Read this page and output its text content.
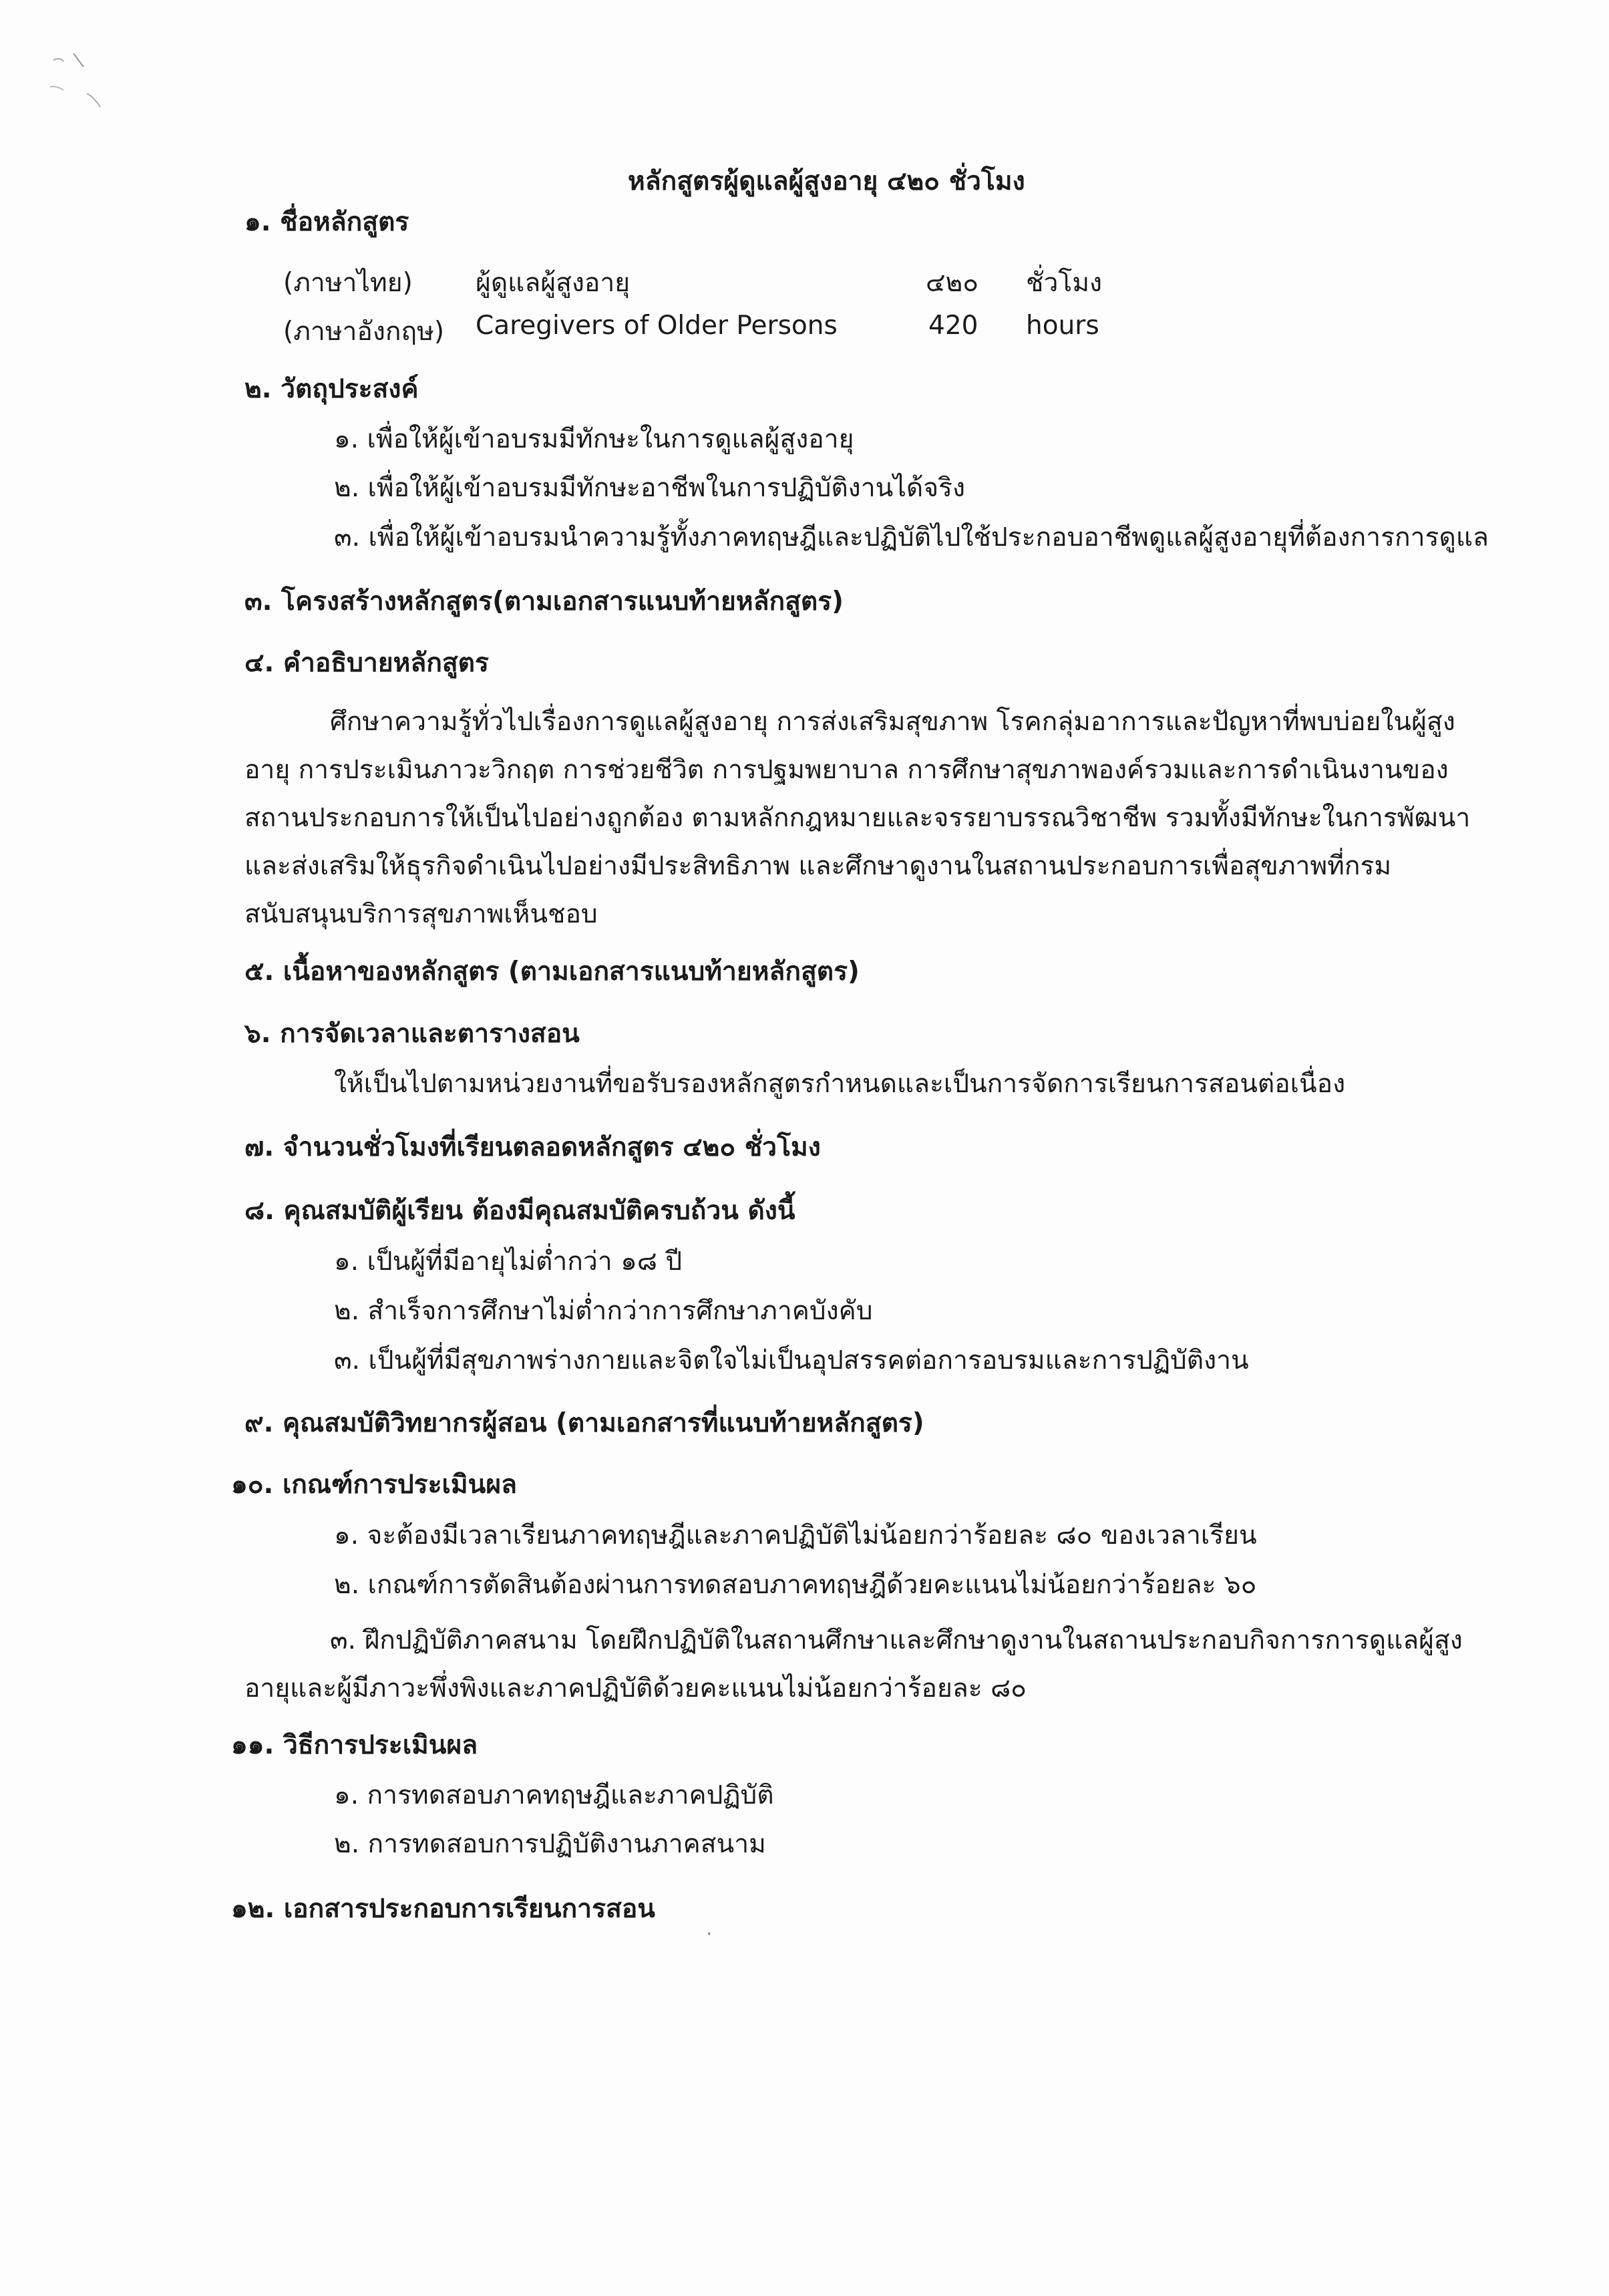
หลักสูตรผู้ดูแลผู้สูงอายุ ๔๒๐ ชั่วโมง
๑. ชื่อหลักสูตร
(ภาษาไทย) ผู้ดูแลผู้สูงอายุ	๔๒๐ ชั่วโมง
(ภาษาอังกฤษ) Caregivers of Older Persons	420 hours
๒. วัตถุประสงค์
๑. เพื่อให้ผู้เข้าอบรมมีทักษะในการดูแลผู้สูงอายุ
๒. เพื่อให้ผู้เข้าอบรมมีทักษะอาชีพในการปฏิบัติงานได้จริง
๓. เพื่อให้ผู้เข้าอบรมนำความรู้ทั้งภาคทฤษฎีและปฏิบัติไปใช้ประกอบอาชีพดูแลผู้สูงอายุที่ต้องการการดูแล
๓. โครงสร้างหลักสูตร(ตามเอกสารแนบท้ายหลักสูตร)
๔. คำอธิบายหลักสูตร

ศึกษาความรู้ทั่วไปเรื่องการดูแลผู้สูงอายุ การส่งเสริมสุขภาพ โรคกลุ่มอาการและปัญหาที่พบบ่อยในผู้สูงอายุ การประเมินภาวะวิกฤต การช่วยชีวิต การปฐมพยาบาล การศึกษาสุขภาพองค์รวมและการดำเนินงานของสถานประกอบการให้เป็นไปอย่างถูกต้อง ตามหลักกฎหมายและจรรยาบรรณวิชาชีพ รวมทั้งมีทักษะในการพัฒนาและส่งเสริมให้ธุรกิจดำเนินไปอย่างมีประสิทธิภาพ และศึกษาดูงานในสถานประกอบการเพื่อสุขภาพที่กรมสนับสนุนบริการสุขภาพเห็นชอบ

๕. เนื้อหาของหลักสูตร (ตามเอกสารแนบท้ายหลักสูตร)
๖. การจัดเวลาและตารางสอน
ให้เป็นไปตามหน่วยงานที่ขอรับรองหลักสูตรกำหนดและเป็นการจัดการเรียนการสอนต่อเนื่อง
๗. จำนวนชั่วโมงที่เรียนตลอดหลักสูตร ๔๒๐ ชั่วโมง
๘. คุณสมบัติผู้เรียน ต้องมีคุณสมบัติครบถ้วน ดังนี้
๑. เป็นผู้ที่มีอายุไม่ต่ำกว่า ๑๘ ปี
๒. สำเร็จการศึกษาไม่ต่ำกว่าการศึกษาภาคบังคับ
๓. เป็นผู้ที่มีสุขภาพร่างกายและจิตใจไม่เป็นอุปสรรคต่อการอบรมและการปฏิบัติงาน
๙. คุณสมบัติวิทยากรผู้สอน (ตามเอกสารที่แนบท้ายหลักสูตร)
๑๐. เกณฑ์การประเมินผล
๑. จะต้องมีเวลาเรียนภาคทฤษฎีและภาคปฏิบัติไม่น้อยกว่าร้อยละ ๘๐ ของเวลาเรียน
๒. เกณฑ์การตัดสินต้องผ่านการทดสอบภาคทฤษฎีด้วยคะแนนไม่น้อยกว่าร้อยละ ๖๐

๓. ฝึกปฏิบัติภาคสนาม โดยฝึกปฏิบัติในสถานศึกษาและศึกษาดูงานในสถานประกอบกิจการการดูแลผู้สูงอายุและผู้มีภาวะพึ่งพิงและภาคปฏิบัติด้วยคะแนนไม่น้อยกว่าร้อยละ ๘๐

๑๑. วิธีการประเมินผล
๑. การทดสอบภาคทฤษฎีและภาคปฏิบัติ
๒. การทดสอบการปฏิบัติงานภาคสนาม
๑๒. เอกสารประกอบการเรียนการสอน
·
